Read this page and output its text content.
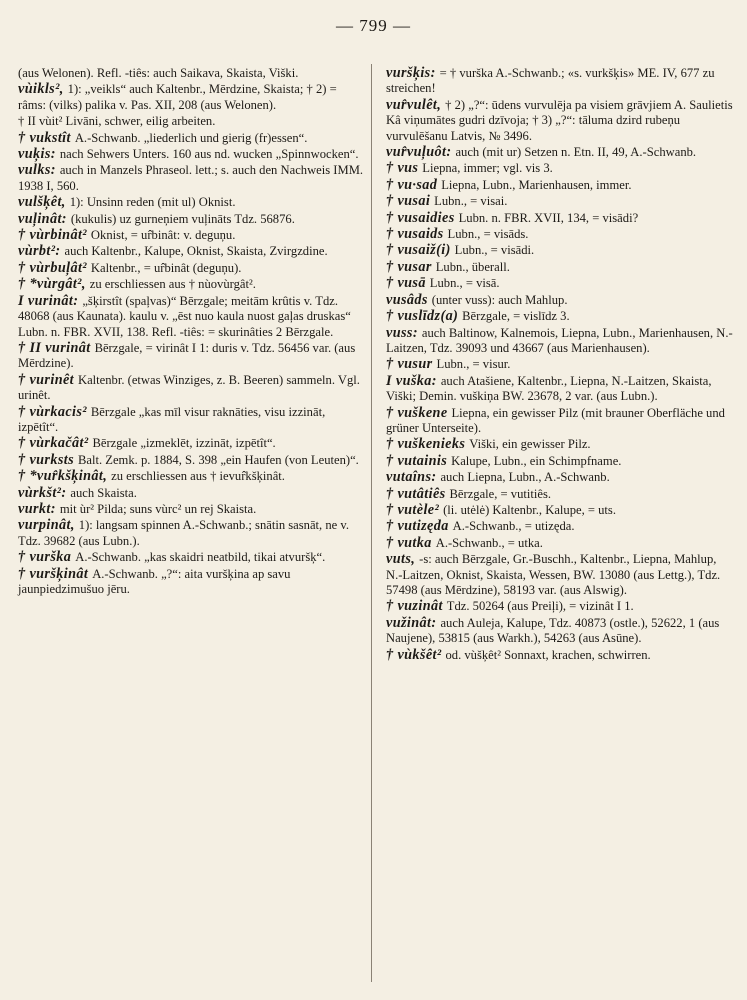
— 799 —
(aus Welonen). Refl. -tiês: auch Saikava, Skaista, Viški.
vùikls², 1): „veikls“ auch Kaltenbr., Mērdzine, Skaista; † 2) = râms: (vilks) palika v. Pas. XII, 208 (aus Welonen).
† II vùit² Livāni, schwer, eilig arbeiten.
† vukstît A.-Schwanb. „liederlich und gierig (fr)essen“.
vuķis: nach Sehwers Unters. 160 aus nd. wucken „Spinnwocken“.
vulks: auch in Manzels Phraseol. lett.; s. auch den Nachweis IMM. 1938 I, 560.
vulšķêt, 1): Unsinn reden (mit ul) Oknist.
vuļinât: (kukulis) uz gurneņiem vuļināts Tdz. 56876.
† vùrbinât² Oknist, = ur̂binât: v. deguņu.
vùrbt²: auch Kaltenbr., Kalupe, Oknist, Skaista, Zvirgzdine.
† vùrbuļât² Kaltenbr., = ur̂binât (deguņu).
† *vùrgât², zu erschliessen aus † nùovùrgât².
I vurinât: „šķirstît (spaļvas)“ Bērzgale; meitām krûtis v. Tdz. 48068 (aus Kaunata). kaulu v. „ēst nuo kaula nuost gaļas druskas“ Lubn. n. FBR. XVII, 138. Refl. -tiês: = skurinâties 2 Bērzgale.
† II vurinât Bērzgale, = virinât I 1: duris v. Tdz. 56456 var. (aus Mērdzine).
† vurinêt Kaltenbr. (etwas Winziges, z. B. Beeren) sammeln. Vgl. urinêt.
† vùrkacis² Bērzgale „kas mīl visur raknāties, visu izzināt, izpētît“.
† vùrkačât² Bērzgale „izmeklēt, izzināt, izpētît“.
† vurksts Balt. Zemk. p. 1884, S. 398 „ein Haufen (von Leuten)“.
† *vur̂kšķinât, zu erschliessen aus † ievur̂kšķinât.
vùrkšt²: auch Skaista.
vurkt: mit ùr² Pilda; suns vùrc² un rej Skaista.
vurpinât, 1): langsam spinnen A.-Schwanb.; snātin sasnāt, ne v. Tdz. 39682 (aus Lubn.).
† vurška A.-Schwanb. „kas skaidri neatbild, tikai atvuršķ“.
† vuršķinât A.-Schwanb. „?“: aita vuršķina ap savu jaunpiedzimušuo jēru.
vuršķis: = † vurška A.-Schwanb.; «s. vurkšķis» ME. IV, 677 zu streichen!
vur̂vulêt, † 2) „?“: ūdens vurvulēja pa visiem grāvjiem A. Saulietis Kâ viņumātes gudri dzīvoja; † 3) „?“: tāluma dzird rubeņu vurvulēšanu Latvis, № 3496.
vur̂vuļuôt: auch (mit ur) Setzen n. Etn. II, 49, A.-Schwanb.
† vus Liepna, immer; vgl. vis 3.
† vu·sad Liepna, Lubn., Marienhausen, immer.
† vusai Lubn., = visai.
† vusaidies Lubn. n. FBR. XVII, 134, = visādi?
† vusaids Lubn., = visāds.
† vusaiž(i) Lubn., = visādi.
† vusar Lubn., überall.
† vusā Lubn., = visā.
vusâds (unter vuss): auch Mahlup.
† vuslīdz(a) Bērzgale, = vislīdz 3.
vuss: auch Baltinow, Kalnemois, Liepna, Lubn., Marienhausen, N.-Laitzen, Tdz. 39093 und 43667 (aus Marienhausen).
† vusur Lubn., = visur.
I vuška: auch Atašiene, Kaltenbr., Liepna, N.-Laitzen, Skaista, Viški; Demin. vuškiņa BW. 23678, 2 var. (aus Lubn.).
† vuškene Liepna, ein gewisser Pilz (mit brauner Oberfläche und grüner Unterseite).
† vuškenieks Viški, ein gewisser Pilz.
† vutainis Kalupe, Lubn., ein Schimpfname.
vutaîns: auch Liepna, Lubn., A.-Schwanb.
† vutâtiês Bērzgale, = vutitiês.
† vutèle² (li. utėlė) Kaltenbr., Kalupe, = uts.
† vutizęda A.-Schwanb., = utizęda.
† vutka A.-Schwanb., = utka.
vuts, -s: auch Bērzgale, Gr.-Buschh., Kaltenbr., Liepna, Mahlup, N.-Laitzen, Oknist, Skaista, Wessen, BW. 13080 (aus Lettg.), Tdz. 57498 (aus Mērdzine), 58193 var. (aus Alswig).
† vuzinât Tdz. 50264 (aus Preiļi), = vizinât I 1.
vužinât: auch Auleja, Kalupe, Tdz. 40873 (ostle.), 52622, 1 (aus Naujene), 53815 (aus Warkh.), 54263 (aus Asūne).
† vùkšêt² od. vùšķêt² Sonnaxt, krachen, schwirren.
